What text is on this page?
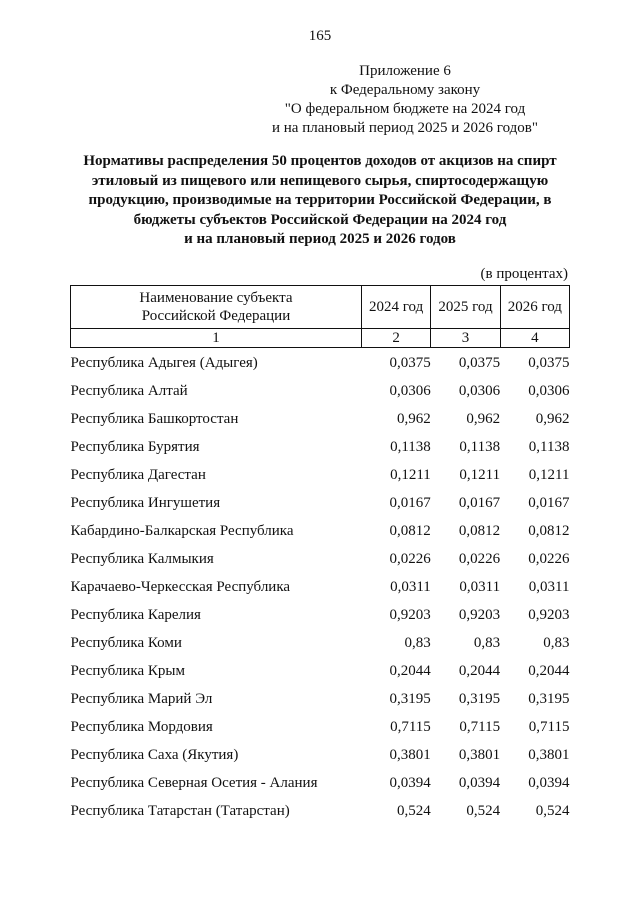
165
Приложение 6
к Федеральному закону
"О федеральном бюджете на 2024 год
и на плановый период 2025 и 2026 годов"
Нормативы распределения 50 процентов доходов от акцизов на спирт
этиловый из пищевого или непищевого сырья, спиртосодержащую
продукцию, производимые на территории Российской Федерации, в
бюджеты субъектов Российской Федерации на 2024 год
и на плановый период 2025 и 2026 годов
(в процентах)
Наименование субъекта
Российской Федерации	2024 год	2025 год	2026 год
1	2	3	4
Республика Адыгея (Адыгея)	0,0375	0,0375	0,0375
Республика Алтай	0,0306	0,0306	0,0306
Республика Башкортостан	0,962	0,962	0,962
Республика Бурятия	0,1138	0,1138	0,1138
Республика Дагестан	0,1211	0,1211	0,1211
Республика Ингушетия	0,0167	0,0167	0,0167
Кабардино-Балкарская Республика	0,0812	0,0812	0,0812
Республика Калмыкия	0,0226	0,0226	0,0226
Карачаево-Черкесская Республика	0,0311	0,0311	0,0311
Республика Карелия	0,9203	0,9203	0,9203
Республика Коми	0,83	0,83	0,83
Республика Крым	0,2044	0,2044	0,2044
Республика Марий Эл	0,3195	0,3195	0,3195
Республика Мордовия	0,7115	0,7115	0,7115
Республика Саха (Якутия)	0,3801	0,3801	0,3801
Республика Северная Осетия - Алания	0,0394	0,0394	0,0394
Республика Татарстан (Татарстан)	0,524	0,524	0,524
